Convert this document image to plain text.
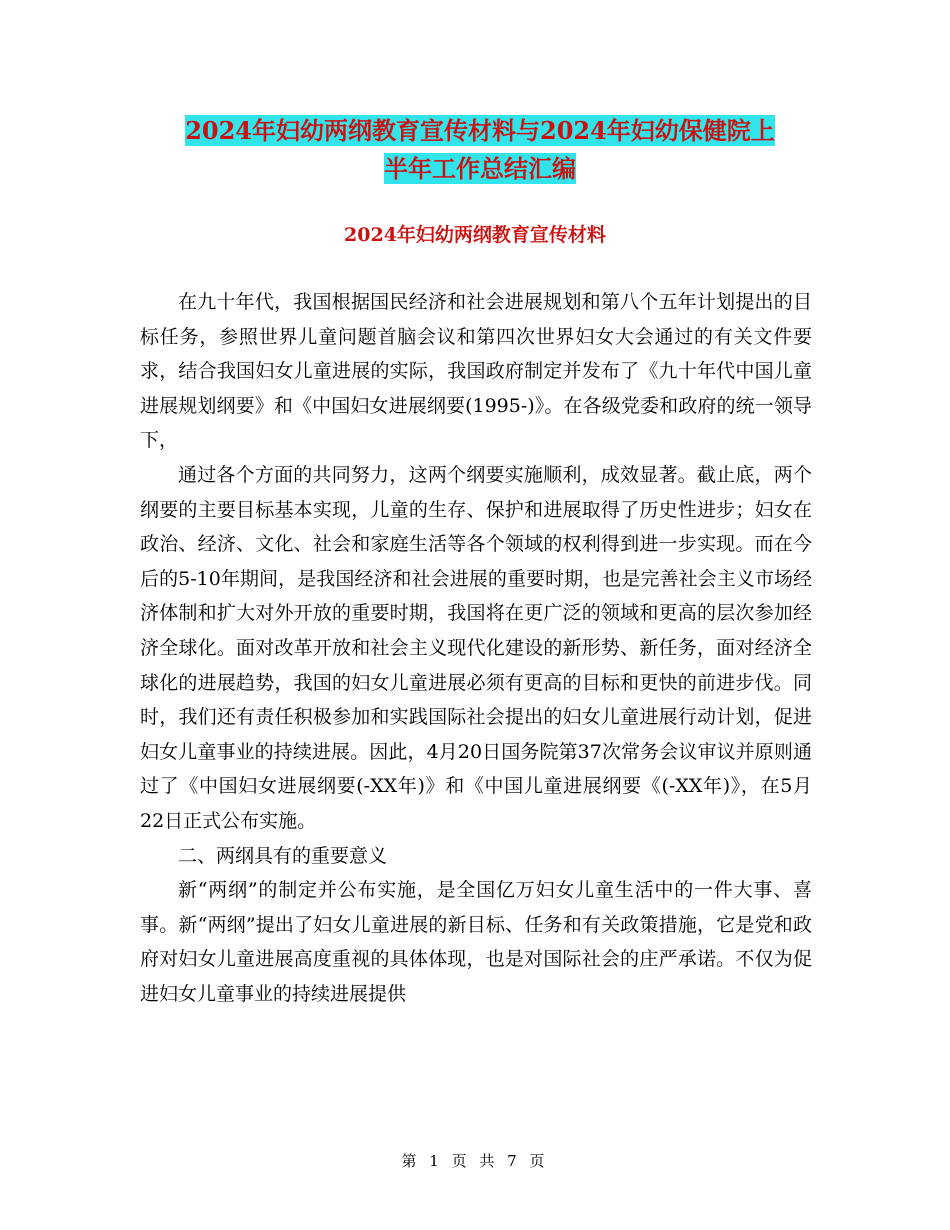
2024年妇幼两纲教育宣传材料与2024年妇幼保健院上
半年工作总结汇编
2024年妇幼两纲教育宣传材料

在九十年代，我国根据国民经济和社会进展规划和第八个五年计划提出的目标任务，参照世界儿童问题首脑会议和第四次世界妇女大会通过的有关文件要求，结合我国妇女儿童进展的实际，我国政府制定并发布了《九十年代中国儿童进展规划纲要》和《中国妇女进展纲要(1995-)》。在各级党委和政府的统一领导下，

通过各个方面的共同努力，这两个纲要实施顺利，成效显著。截止底，两个纲要的主要目标基本实现，儿童的生存、保护和进展取得了历史性进步；妇女在政治、经济、文化、社会和家庭生活等各个领域的权利得到进一步实现。而在今后的5-10年期间，是我国经济和社会进展的重要时期，也是完善社会主义市场经济体制和扩大对外开放的重要时期，我国将在更广泛的领域和更高的层次参加经济全球化。面对改革开放和社会主义现代化建设的新形势、新任务，面对经济全球化的进展趋势，我国的妇女儿童进展必须有更高的目标和更快的前进步伐。同时，我们还有责任积极参加和实践国际社会提出的妇女儿童进展行动计划，促进妇女儿童事业的持续进展。因此，4月20日国务院第37次常务会议审议并原则通过了《中国妇女进展纲要(-XX年)》和《中国儿童进展纲要《(-XX年)》，在5月22日正式公布实施。

二、两纲具有的重要意义

新“两纲”的制定并公布实施，是全国亿万妇女儿童生活中的一件大事、喜事。新“两纲”提出了妇女儿童进展的新目标、任务和有关政策措施，它是党和政府对妇女儿童进展高度重视的具体体现，也是对国际社会的庄严承诺。不仅为促进妇女儿童事业的持续进展提供

第 1 页 共 7 页
